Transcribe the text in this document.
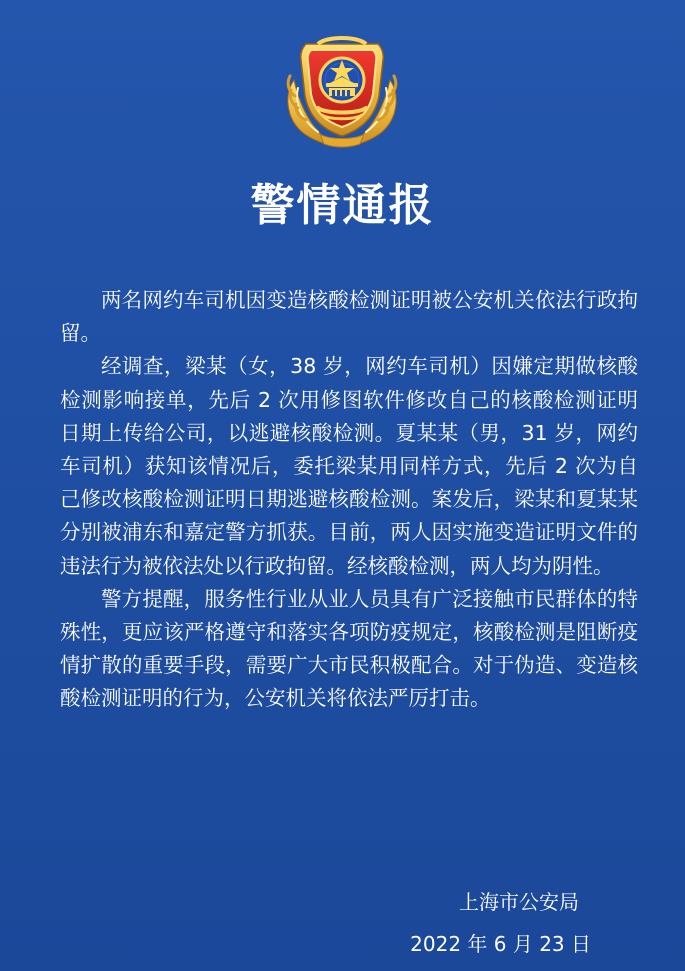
警情通报

两名网约车司机因变造核酸检测证明被公安机关依法行政拘留。

经调查，梁某（女，38 岁，网约车司机）因嫌定期做核酸检测影响接单，先后 2 次用修图软件修改自己的核酸检测证明日期上传给公司，以逃避核酸检测。夏某某（男，31 岁，网约车司机）获知该情况后，委托梁某用同样方式，先后 2 次为自己修改核酸检测证明日期逃避核酸检测。案发后，梁某和夏某某分别被浦东和嘉定警方抓获。目前，两人因实施变造证明文件的违法行为被依法处以行政拘留。经核酸检测，两人均为阴性。

警方提醒，服务性行业从业人员具有广泛接触市民群体的特殊性，更应该严格遵守和落实各项防疫规定，核酸检测是阻断疫情扩散的重要手段，需要广大市民积极配合。对于伪造、变造核酸检测证明的行为，公安机关将依法严厉打击。

上海市公安局
2022 年 6 月 23 日
